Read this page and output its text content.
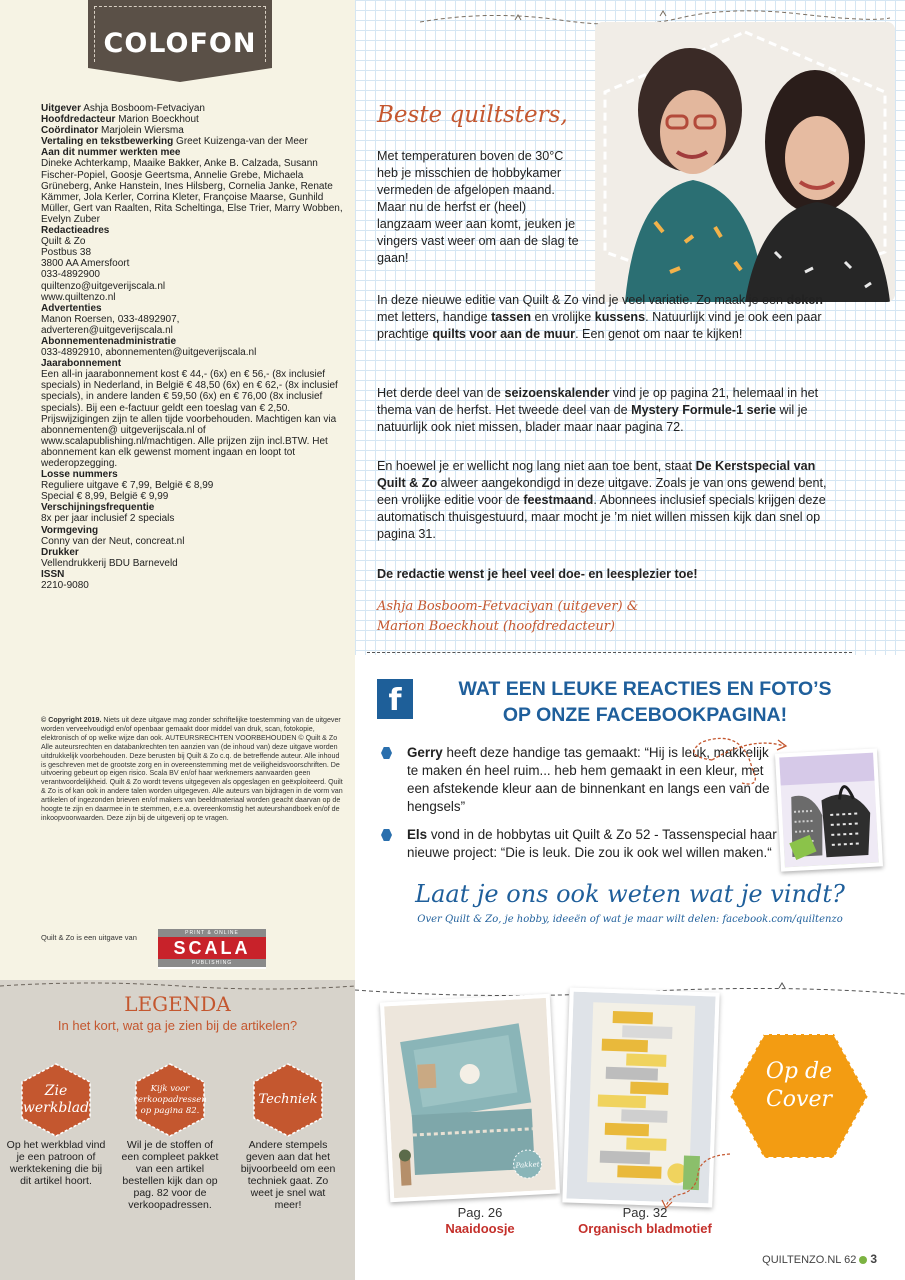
COLOFON
Uitgever Ashja Bosboom-Fetvaciyan
Hoofdredacteur Marion Boeckhout
Coördinator Marjolein Wiersma
Vertaling en tekstbewerking Greet Kuizenga-van der Meer
Aan dit nummer werkten mee
Dineke Achterkamp, Maaike Bakker, Anke B. Calzada, Susann Fischer-Popiel, Goosje Geertsma, Annelie Grebe, Michaela Grüneberg, Anke Hanstein, Ines Hilsberg, Cornelia Janke, Renate Kämmer, Jola Kerler, Corrina Kleter, Françoise Maarse, Gunhild Müller, Gert van Raalten, Rita Scheltinga, Else Trier, Marry Wobben, Evelyn Zuber
Redactieadres
Quilt & Zo
Postbus 38
3800 AA Amersfoort
033-4892900
quiltenzo@uitgeverijscala.nl
www.quiltenzo.nl
Advertenties
Manon Roersen, 033-4892907,
adverteren@uitgeverijscala.nl
Abonnementenadministratie
033-4892910, abonnementen@uitgeverijscala.nl
Jaarabonnement
Een all-in jaarabonnement kost € 44,- (6x) en € 56,- (8x inclusief specials) in Nederland, in België € 48,50 (6x) en € 62,- (8x inclusief specials), in andere landen € 59,50 (6x) en € 76,00 (8x inclusief specials). Bij een e-factuur geldt een toeslag van € 2,50. Prijswijzigingen zijn te allen tijde voorbehouden. Machtigen kan via abonnementen@ uitgeverijscala.nl of www.scalapublishing.nl/machtigen. Alle prijzen zijn incl.BTW. Het abonnement kan elk gewenst moment ingaan en loopt tot wederopzegging.
Losse nummers
Reguliere uitgave € 7,99, België € 8,99
Special € 8,99, België € 9,99
Verschijningsfrequentie
8x per jaar inclusief 2 specials
Vormgeving
Conny van der Neut, concreat.nl
Drukker
Vellendrukkerij BDU Barneveld
ISSN
2210-9080
© Copyright 2019. Niets uit deze uitgave mag zonder schriftelijke toestemming van de uitgever worden verveelvoudigd en/of openbaar gemaakt door middel van druk, scan, fotokopie, elektronisch of op welke wijze dan ook. AUTEURSRECHTEN VOORBEHOUDEN © Quilt & Zo Alle auteursrechten en databankrechten ten aanzien van (de inhoud van) deze uitgave worden uitdrukkelijk voorbehouden. Deze berusten bij Quilt & Zo c.q. de betreffende auteur. Alle inhoud is geschreven met de grootste zorg en in overeenstemming met de veiligheidsvoorschriften. De uitvoering gebeurt op eigen risico. Scala BV en/of haar werknemers aanvaarden geen verantwoordelijkheid. Quilt & Zo wordt tevens uitgegeven als opgeslagen en geëxploiteerd. Quilt & Zo is of kan ook in andere talen worden uitgegeven. Alle auteurs van bijdragen in de vorm van artikelen of ingezonden brieven en/of makers van beeldmateriaal worden geacht daarvan op de hoogte te zijn en daarmee in te stemmen, e.e.a. overeenkomstig het auteurshandboek en/of de inkoopvoorwaarden. Deze zijn bij de uitgeverij op te vragen.
Quilt & Zo is een uitgave van	PRINT & ONLINE
SCALA
PUBLISHING
LEGENDA
In het kort, wat ga je zien bij de artikelen?
Zie werkblad
Kijk voor verkoopadressen op pagina 82.
Techniek
Op het werkblad vind je een patroon of werktekening die bij dit artikel hoort.
Wil je de stoffen of een compleet pakket van een artikel bestellen kijk dan op pag. 82 voor de verkoopadressen.
Andere stempels geven aan dat het bijvoorbeeld om een techniek gaat. Zo weet je snel wat meer!
Beste quiltsters,
Met temperaturen boven de 30°C heb je misschien de hobbykamer vermeden de afgelopen maand. Maar nu de herfst er (heel) langzaam weer aan komt, jeuken je vingers vast weer om aan de slag te gaan!
In deze nieuwe editie van Quilt & Zo vind je veel variatie. Zo maak je een deken met letters, handige tassen en vrolijke kussens. Natuurlijk vind je ook een paar prachtige quilts voor aan de muur. Een genot om naar te kijken!
Het derde deel van de seizoenskalender vind je op pagina 21, helemaal in het thema van de herfst. Het tweede deel van de Mystery Formule-1 serie wil je natuurlijk ook niet missen, blader maar naar pagina 72.
En hoewel je er wellicht nog lang niet aan toe bent, staat De Kerstspecial van Quilt & Zo alweer aangekondigd in deze uitgave. Zoals je van ons gewend bent, een vrolijke editie voor de feestmaand. Abonnees inclusief specials krijgen deze automatisch thuisgestuurd, maar mocht je ’m niet willen missen kijk dan snel op pagina 31.
De redactie wenst je heel veel doe- en leesplezier toe!
Ashja Bosboom-Fetvaciyan (uitgever) &
Marion Boeckhout (hoofdredacteur)
f	WAT EEN LEUKE REACTIES EN FOTO’S
OP ONZE FACEBOOKPAGINA!
Gerry heeft deze handige tas gemaakt: “Hij is leuk, makkelijk te maken én heel ruim... heb hem gemaakt in een kleur, met een afstekende kleur aan de binnenkant en langs een van de hengsels”
Els vond in de hobbytas uit Quilt & Zo 52 - Tassenspecial haar nieuwe project: “Die is leuk. Die zou ik ook wel willen maken.“
Laat je ons ook weten wat je vindt?
Over Quilt & Zo, je hobby, ideeën of wat je maar wilt delen: facebook.com/quiltenzo
Pakket
Pag. 26
Naaidoosje
Pag. 32
Organisch bladmotief
Op de Cover
QUILTENZO.NL 62 3
